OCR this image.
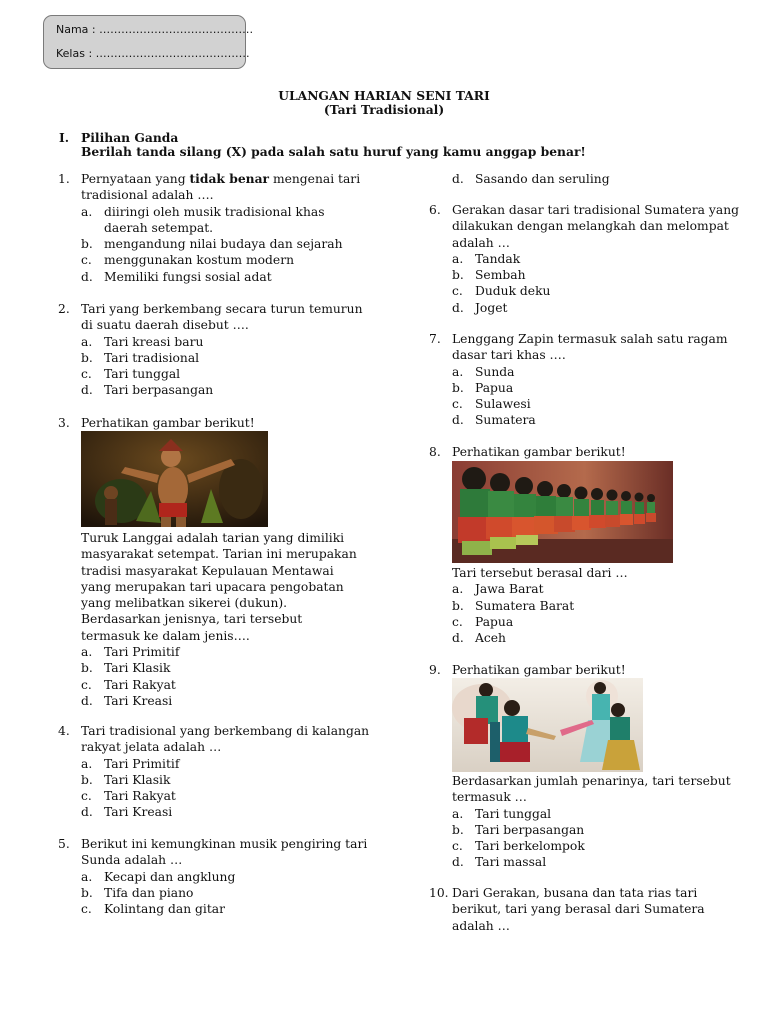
Nama : ……………………………………
Kelas : ……………………………………
ULANGAN HARIAN SENI TARI
(Tari Tradisional)
I. Pilihan Ganda
Berilah tanda silang (X) pada salah satu huruf yang kamu anggap benar!
1. Pernyataan yang tidak benar mengenai tari tradisional adalah ….
a. diiringi oleh musik tradisional khas daerah setempat.
b. mengandung nilai budaya dan sejarah
c. menggunakan kostum modern
d. Memiliki fungsi sosial adat
2. Tari yang berkembang secara turun temurun di suatu daerah disebut ….
a. Tari kreasi baru
b. Tari tradisional
c. Tari tunggal
d. Tari berpasangan
3. Perhatikan gambar berikut!
Turuk Langgai adalah tarian yang dimiliki masyarakat setempat. Tarian ini merupakan tradisi masyarakat Kepulauan Mentawai yang merupakan tari upacara pengobatan yang melibatkan sikerei (dukun). Berdasarkan jenisnya, tari tersebut termasuk ke dalam jenis….
a. Tari Primitif
b. Tari Klasik
c. Tari Rakyat
d. Tari Kreasi
4. Tari tradisional yang berkembang di kalangan rakyat jelata adalah …
a. Tari Primitif
b. Tari Klasik
c. Tari Rakyat
d. Tari Kreasi
5. Berikut ini kemungkinan musik pengiring tari Sunda adalah …
a. Kecapi dan angklung
b. Tifa dan piano
c. Kolintang dan gitar
d. Sasando dan seruling
6. Gerakan dasar tari tradisional Sumatera yang dilakukan dengan melangkah dan melompat adalah …
a. Tandak
b. Sembah
c. Duduk deku
d. Joget
7. Lenggang Zapin termasuk salah satu ragam dasar tari khas ….
a. Sunda
b. Papua
c. Sulawesi
d. Sumatera
8. Perhatikan gambar berikut!
Tari tersebut berasal dari …
a. Jawa Barat
b. Sumatera Barat
c. Papua
d. Aceh
9. Perhatikan gambar berikut!
Berdasarkan jumlah penarinya, tari tersebut termasuk …
a. Tari tunggal
b. Tari berpasangan
c. Tari berkelompok
d. Tari massal
10. Dari Gerakan, busana dan tata rias tari berikut, tari yang berasal dari Sumatera adalah …
